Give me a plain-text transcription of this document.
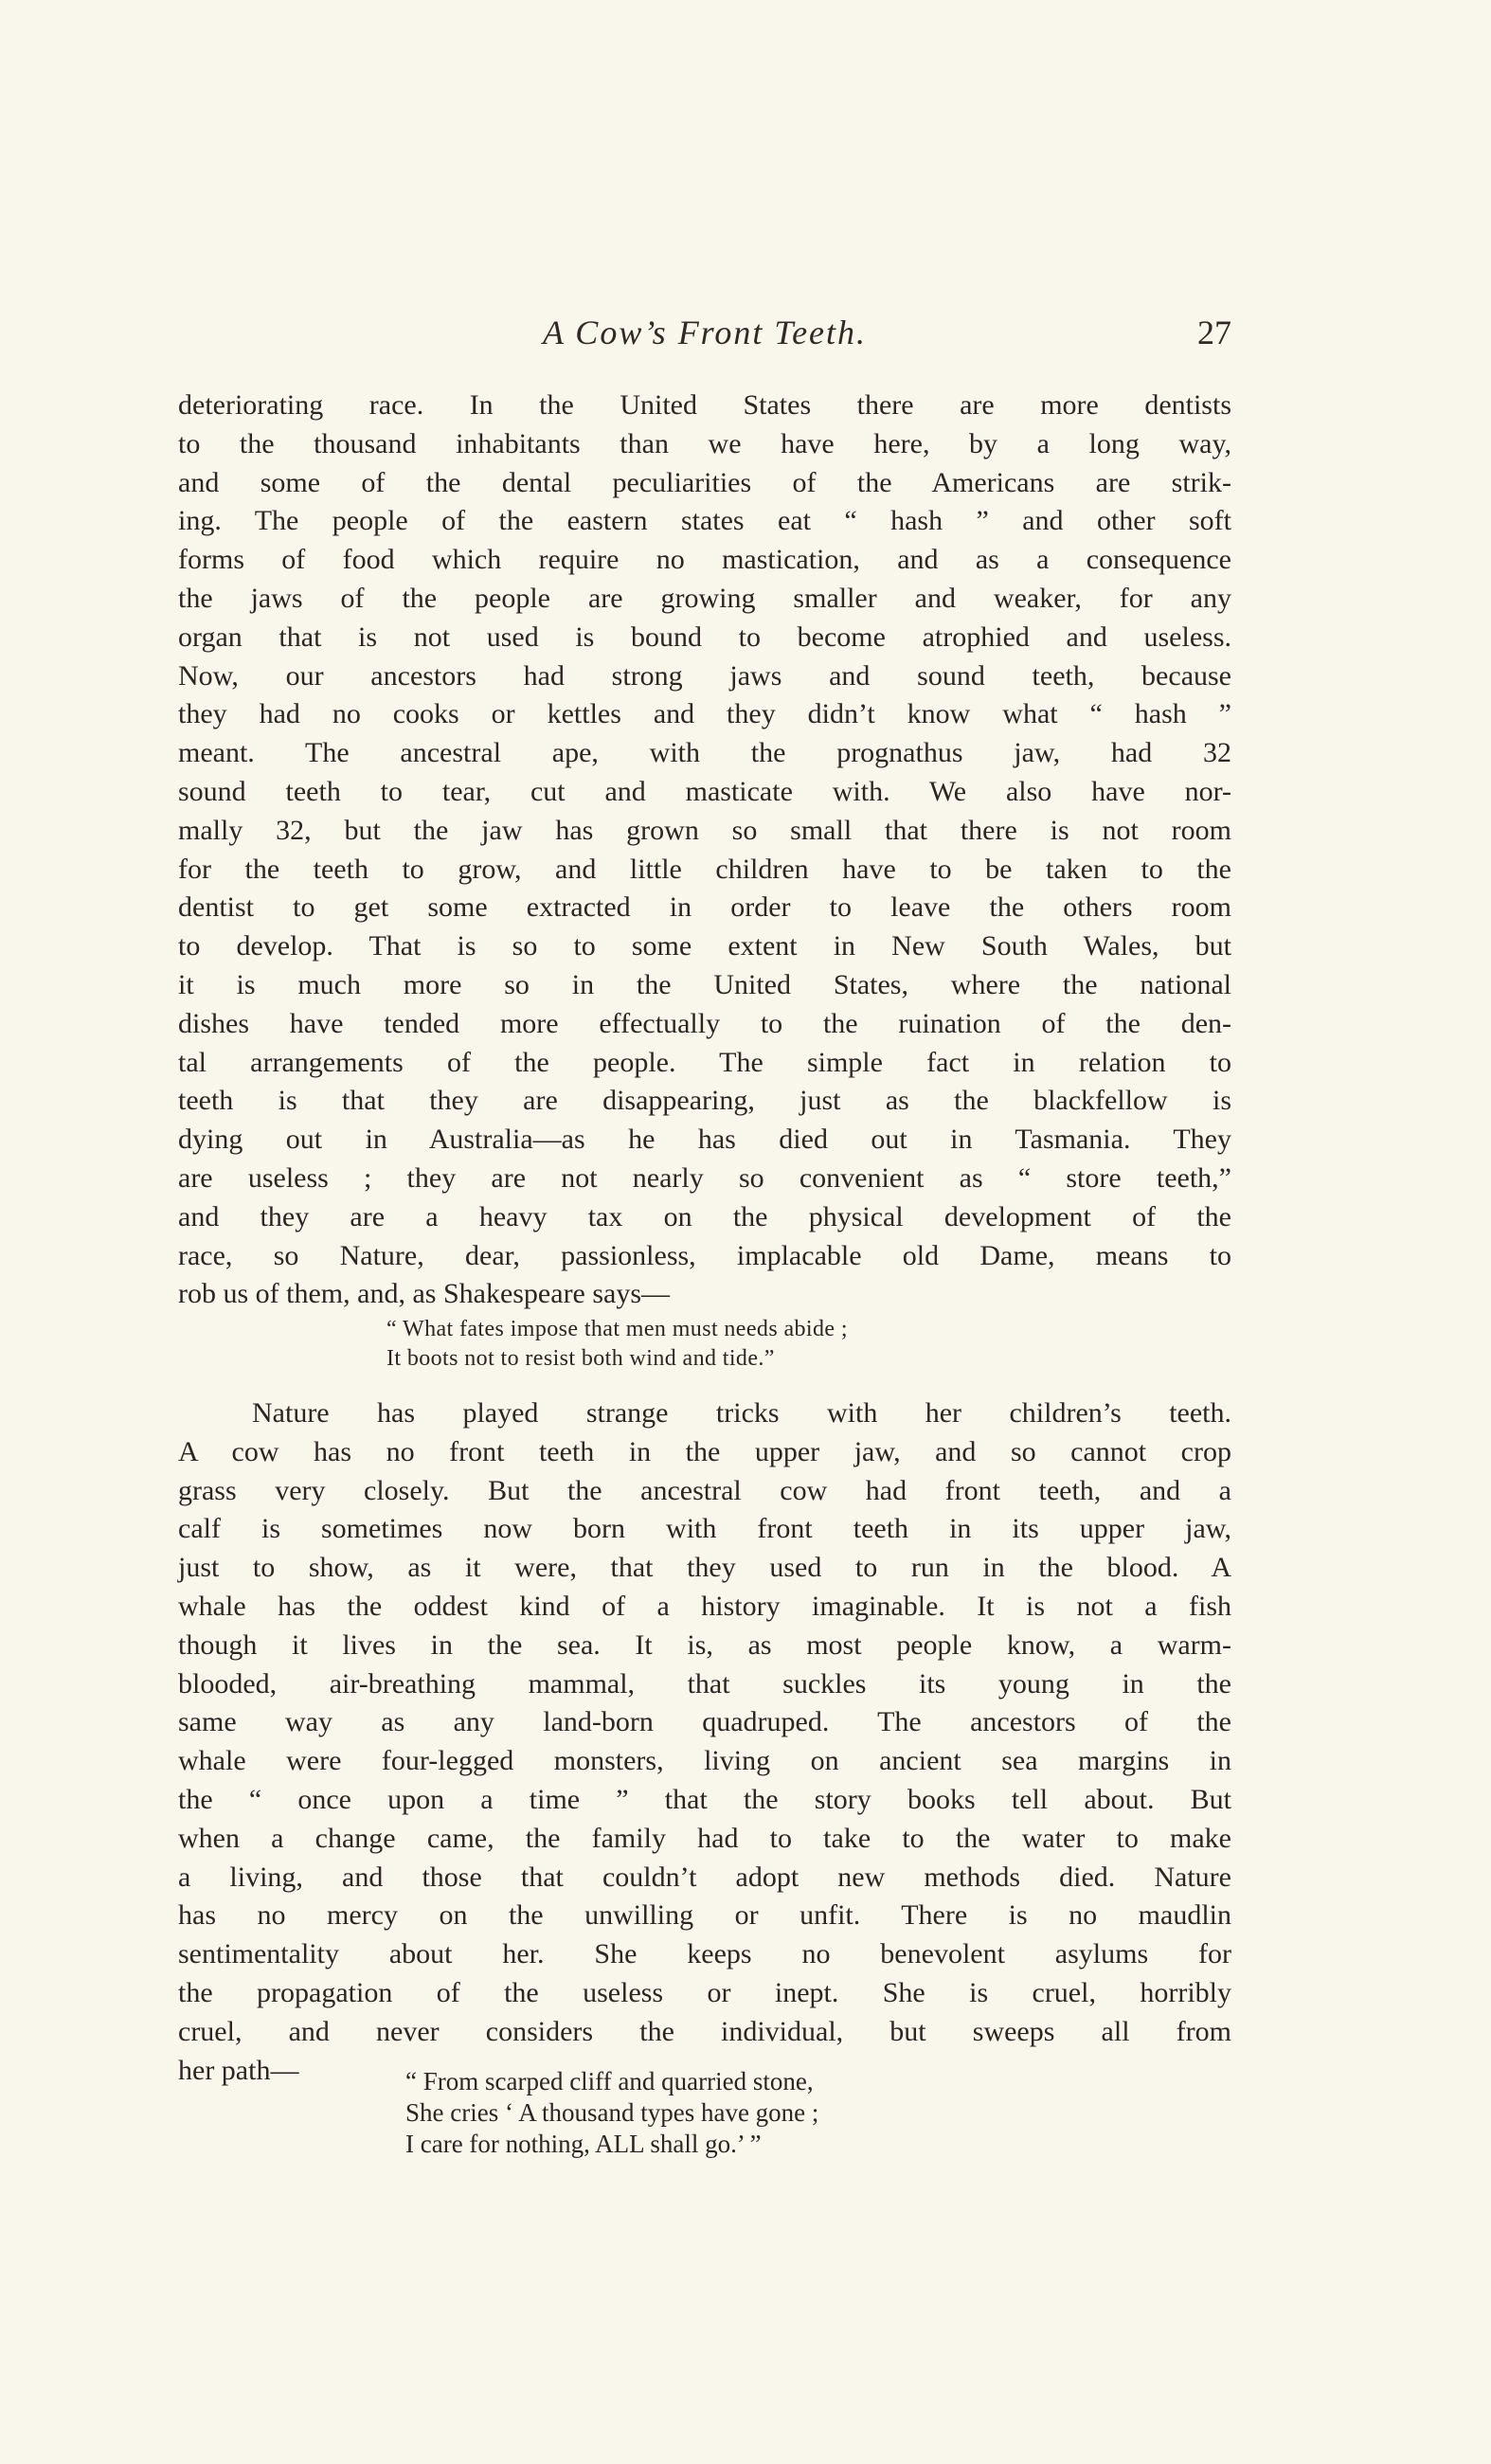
A Cow’s Front Teeth.	27
deteriorating race. In the United States there are more dentists
to the thousand inhabitants than we have here, by a long way,
and some of the dental peculiarities of the Americans are strik-
ing. The people of the eastern states eat “ hash ” and other soft
forms of food which require no mastication, and as a consequence
the jaws of the people are growing smaller and weaker, for any
organ that is not used is bound to become atrophied and useless.
Now, our ancestors had strong jaws and sound teeth, because
they had no cooks or kettles and they didn’t know what “ hash ”
meant. The ancestral ape, with the prognathus jaw, had 32
sound teeth to tear, cut and masticate with. We also have nor-
mally 32, but the jaw has grown so small that there is not room
for the teeth to grow, and little children have to be taken to the
dentist to get some extracted in order to leave the others room
to develop. That is so to some extent in New South Wales, but
it is much more so in the United States, where the national
dishes have tended more effectually to the ruination of the den-
tal arrangements of the people. The simple fact in relation to
teeth is that they are disappearing, just as the blackfellow is
dying out in Australia—as he has died out in Tasmania. They
are useless ; they are not nearly so convenient as “ store teeth,”
and they are a heavy tax on the physical development of the
race, so Nature, dear, passionless, implacable old Dame, means to
rob us of them, and, as Shakespeare says—
“ What fates impose that men must needs abide ;
It boots not to resist both wind and tide.”
Nature has played strange tricks with her children’s teeth.
A cow has no front teeth in the upper jaw, and so cannot crop
grass very closely. But the ancestral cow had front teeth, and a
calf is sometimes now born with front teeth in its upper jaw,
just to show, as it were, that they used to run in the blood. A
whale has the oddest kind of a history imaginable. It is not a fish
though it lives in the sea. It is, as most people know, a warm-
blooded, air-breathing mammal, that suckles its young in the
same way as any land-born quadruped. The ancestors of the
whale were four-legged monsters, living on ancient sea margins in
the “ once upon a time ” that the story books tell about. But
when a change came, the family had to take to the water to make
a living, and those that couldn’t adopt new methods died. Nature
has no mercy on the unwilling or unfit. There is no maudlin
sentimentality about her. She keeps no benevolent asylums for
the propagation of the useless or inept. She is cruel, horribly
cruel, and never considers the individual, but sweeps all from
her path—	“ From scarped cliff and quarried stone,
She cries ‘ A thousand types have gone ;
I care for nothing, ALL shall go.’ ”
